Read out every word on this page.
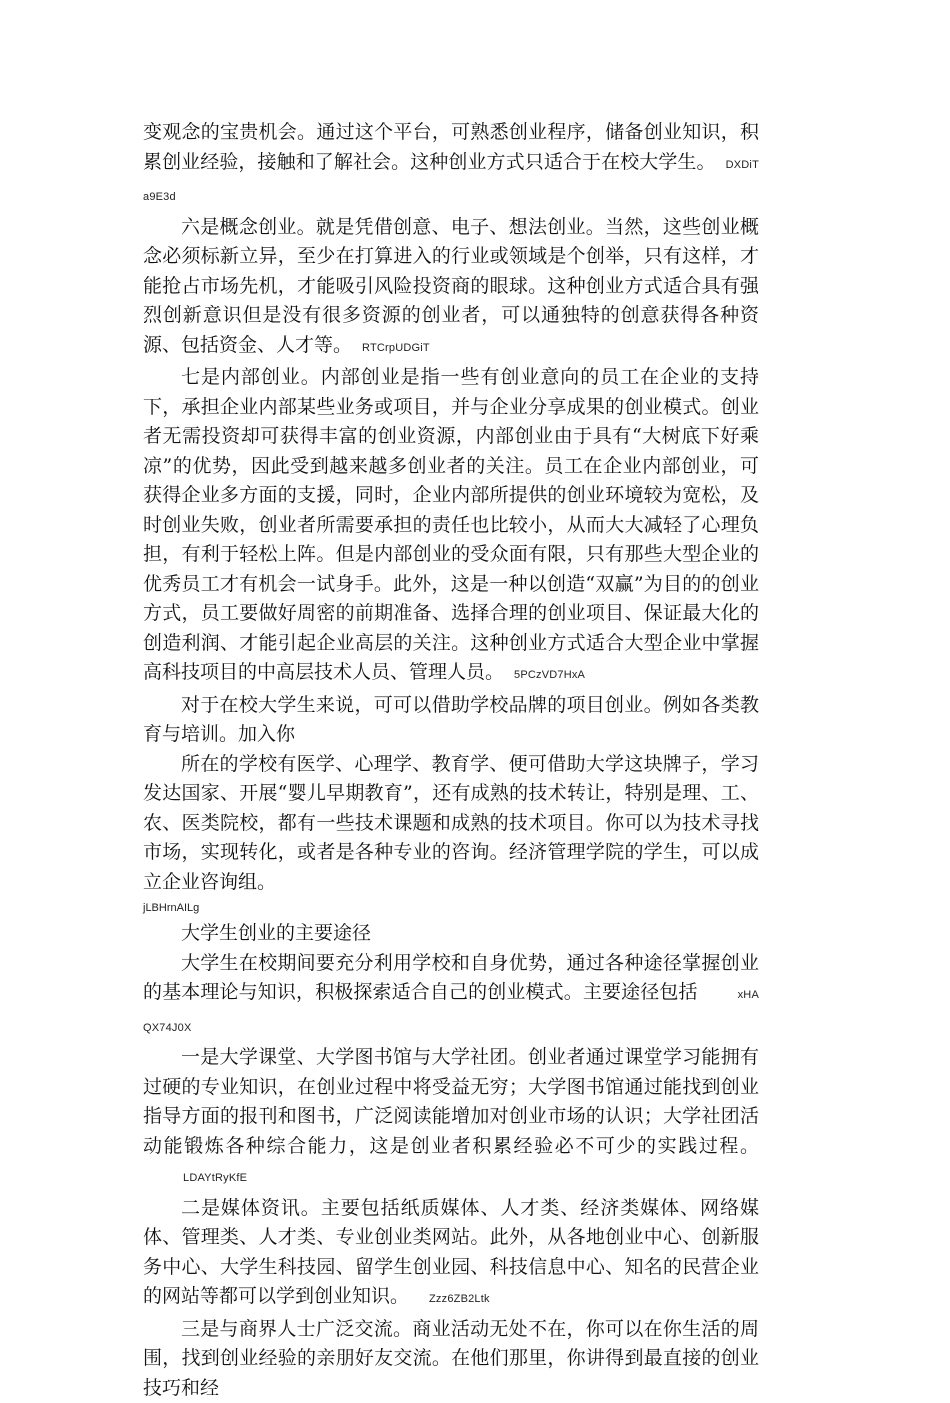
变观念的宝贵机会。通过这个平台，可熟悉创业程序，储备创业知识，积累创业经验，接触和了解社会。这种创业方式只适合于在校大学生。 DXDiTa9E3d

六是概念创业。就是凭借创意、电子、想法创业。当然，这些创业概念必须标新立异，至少在打算进入的行业或领域是个创举，只有这样，才能抢占市场先机，才能吸引风险投资商的眼球。这种创业方式适合具有强烈创新意识但是没有很多资源的创业者，可以通独特的创意获得各种资源、包括资金、人才等。 RTCrpUDGiT

七是内部创业。内部创业是指一些有创业意向的员工在企业的支持下，承担企业内部某些业务或项目，并与企业分享成果的创业模式。创业者无需投资却可获得丰富的创业资源，内部创业由于具有“大树底下好乘凉”的优势，因此受到越来越多创业者的关注。员工在企业内部创业，可获得企业多方面的支援，同时，企业内部所提供的创业环境较为宽松，及时创业失败，创业者所需要承担的责任也比较小，从而大大减轻了心理负担，有利于轻松上阵。但是内部创业的受众面有限，只有那些大型企业的优秀员工才有机会一试身手。此外，这是一种以创造“双赢”为目的的创业方式，员工要做好周密的前期准备、选择合理的创业项目、保证最大化的创造利润、才能引起企业高层的关注。这种创业方式适合大型企业中掌握高科技项目的中高层技术人员、管理人员。 5PCzVD7HxA

对于在校大学生来说，可可以借助学校品牌的项目创业。例如各类教育与培训。加入你

所在的学校有医学、心理学、教育学、便可借助大学这块牌子，学习发达国家、开展“婴儿早期教育”，还有成熟的技术转让，特别是理、工、农、医类院校，都有一些技术课题和成熟的技术项目。你可以为技术寻找市场，实现转化，或者是各种专业的咨询。经济管理学院的学生，可以成立企业咨询组。

jLBHrnAILg

大学生创业的主要途径

大学生在校期间要充分利用学校和自身优势，通过各种途径掌握创业的基本理论与知识，积极探索适合自己的创业模式。主要途径包括	xHAQX74J0X

一是大学课堂、大学图书馆与大学社团。创业者通过课堂学习能拥有过硬的专业知识，在创业过程中将受益无穷；大学图书馆通过能找到创业指导方面的报刊和图书，广泛阅读能增加对创业市场的认识；大学社团活动能锻炼各种综合能力，这是创业者积累经验必不可少的实践过程。LDAYtRyKfE

二是媒体资讯。主要包括纸质媒体、人才类、经济类媒体、网络媒体、管理类、人才类、专业创业类网站。此外，从各地创业中心、创新服务中心、大学生科技园、留学生创业园、科技信息中心、知名的民营企业的网站等都可以学到创业知识。 Zzz6ZB2Ltk

三是与商界人士广泛交流。商业活动无处不在，你可以在你生活的周围，找到创业经验的亲朋好友交流。在他们那里，你讲得到最直接的创业技巧和经
